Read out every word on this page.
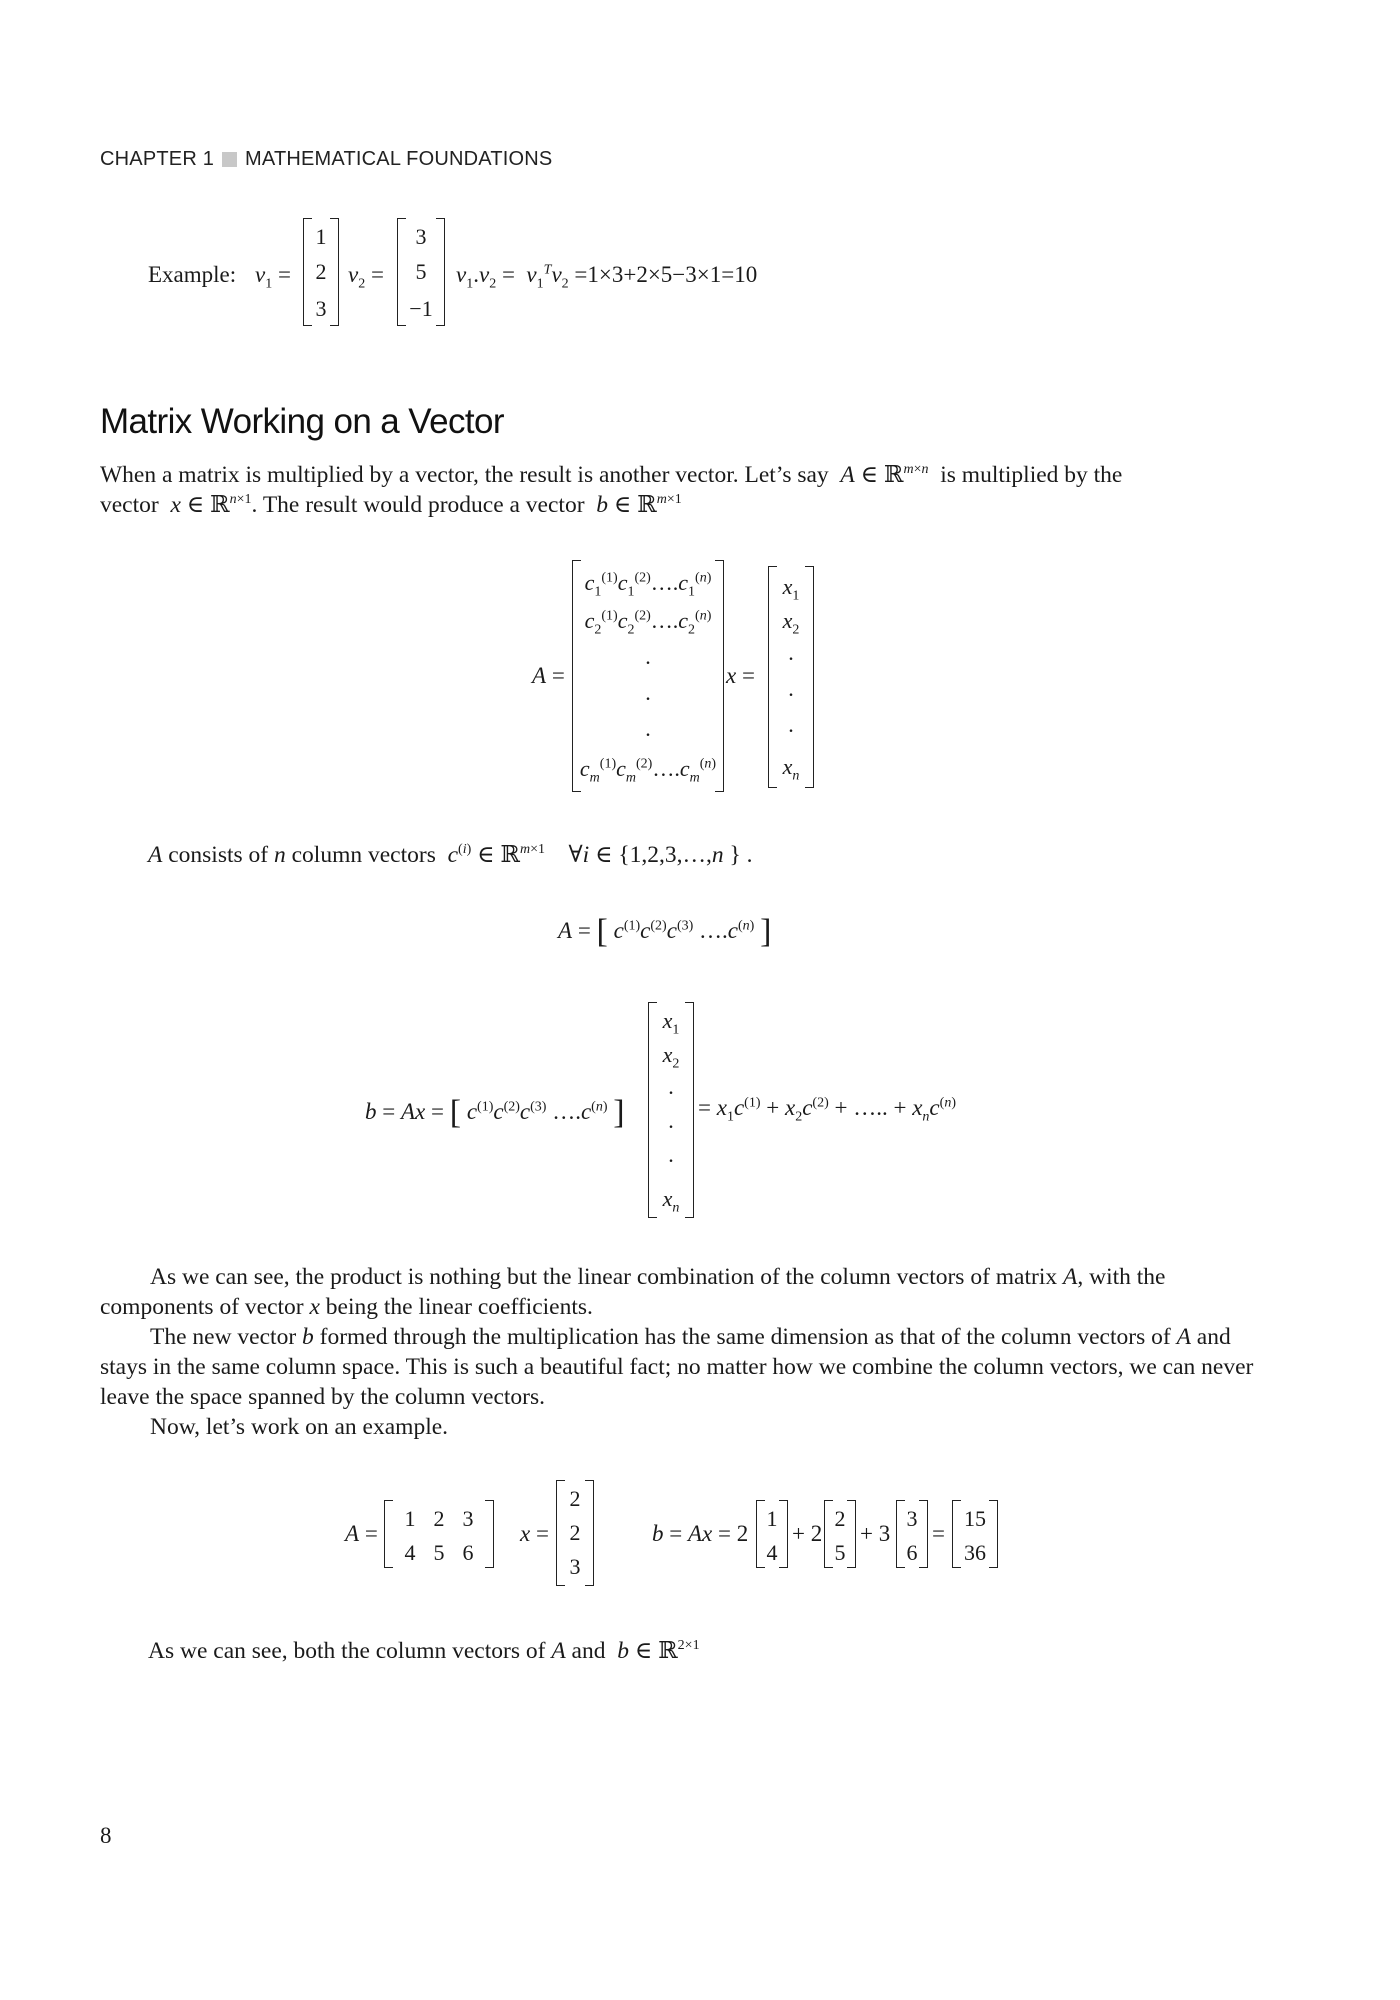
CHAPTER 1 MATHEMATICAL FOUNDATIONS
Example: $v_1$ =
1
2
3
$v_2$ =
3
5
−1
$v_1.v_2 = v_1^Tv_2 =1\times 3+2\times 5-3\times 1=10$
Matrix Working on a Vector
When a matrix is multiplied by a vector, the result is another vector. Let’s say A ∈ ℝ$^{m\times n}$ is multiplied by the
vector x ∈ ℝ$^{n\times 1}$. The result would produce a vector b ∈ ℝ$^{m\times 1}$
A =
$c_1^{(1)}c_1^{(2)}\dots.c_1^{(n)}$
$c_2^{(1)}c_2^{(2)}\dots.c_2^{(n)}$
.
.
.
$c_m^{(1)}c_m^{(2)}\dots.c_m^{(n)}$
x =
$x_1$
$x_2$
.
.
.
$x_n$
A consists of n column vectors $c^{(i)}$ ∈ ℝ$^{m\times 1}$    ∀i ∈ {1,2,3,…,n } .
A = [ $c^{(1)}c^{(2)}c^{(3)}$ $\dots.c^{(n)}$ ]
b = Ax = [ $c^{(1)}c^{(2)}c^{(3)}$ $\dots.c^{(n)}$ ]
$x_1$
$x_2$
.
.
.
$x_n$
= $x_1c^{(1)} + x_2c^{(2)}$ + ….. + $x_nc^{(n)}$
As we can see, the product is nothing but the linear combination of the column vectors of matrix A, with the components of vector x being the linear coefficients.
The new vector b formed through the multiplication has the same dimension as that of the column vectors of A and stays in the same column space. This is such a beautiful fact; no matter how we combine the column vectors, we can never leave the space spanned by the column vectors.
Now, let’s work on an example.
A =
1 2 3
4 5 6
x =
2
2
3
b = Ax = 2
1
4
+ 2
2
5
+ 3
3
6
=
15
36
As we can see, both the column vectors of A and b ∈ ℝ$^{2\times 1}$
8
